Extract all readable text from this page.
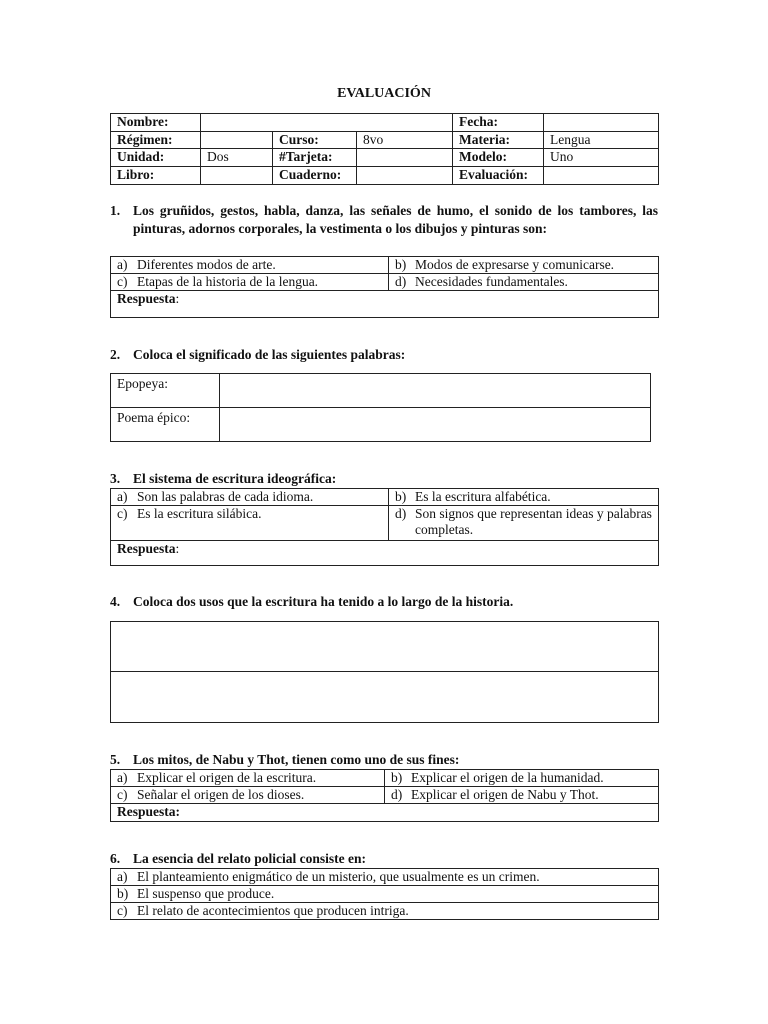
EVALUACIÓN
Nombre:				Fecha:	
Régimen:		Curso:	8vo	Materia:	Lengua
Unidad:	Dos	#Tarjeta:		Modelo:	Uno
Libro:		Cuaderno:		Evaluación:	
1. Los gruñidos, gestos, habla, danza, las señales de humo, el sonido de los tambores, las pinturas, adornos corporales, la vestimenta o los dibujos y pinturas son:
a) Diferentes modos de arte.	b) Modos de expresarse y comunicarse.

c) Etapas de la historia de la lengua.	d) Necesidades fundamentales.

Respuesta:	
2. Coloca el significado de las siguientes palabras:
Epopeya:	
Poema épico:	
3. El sistema de escritura ideográfica:
a) Son las palabras de cada idioma.	b) Es la escritura alfabética.

c) Es la escritura silábica.	d) Son signos que representan ideas y palabras completas.

Respuesta:	
4. Coloca dos usos que la escritura ha tenido a lo largo de la historia.

5. Los mitos, de Nabu y Thot, tienen como uno de sus fines:
a) Explicar el origen de la escritura.	b) Explicar el origen de la humanidad.

c) Señalar el origen de los dioses.	d) Explicar el origen de Nabu y Thot.

Respuesta:	
6. La esencia del relato policial consiste en:
a) El planteamiento enigmático de un misterio, que usualmente es un crimen.

b) El suspenso que produce.

c) El relato de acontecimientos que producen intriga.
